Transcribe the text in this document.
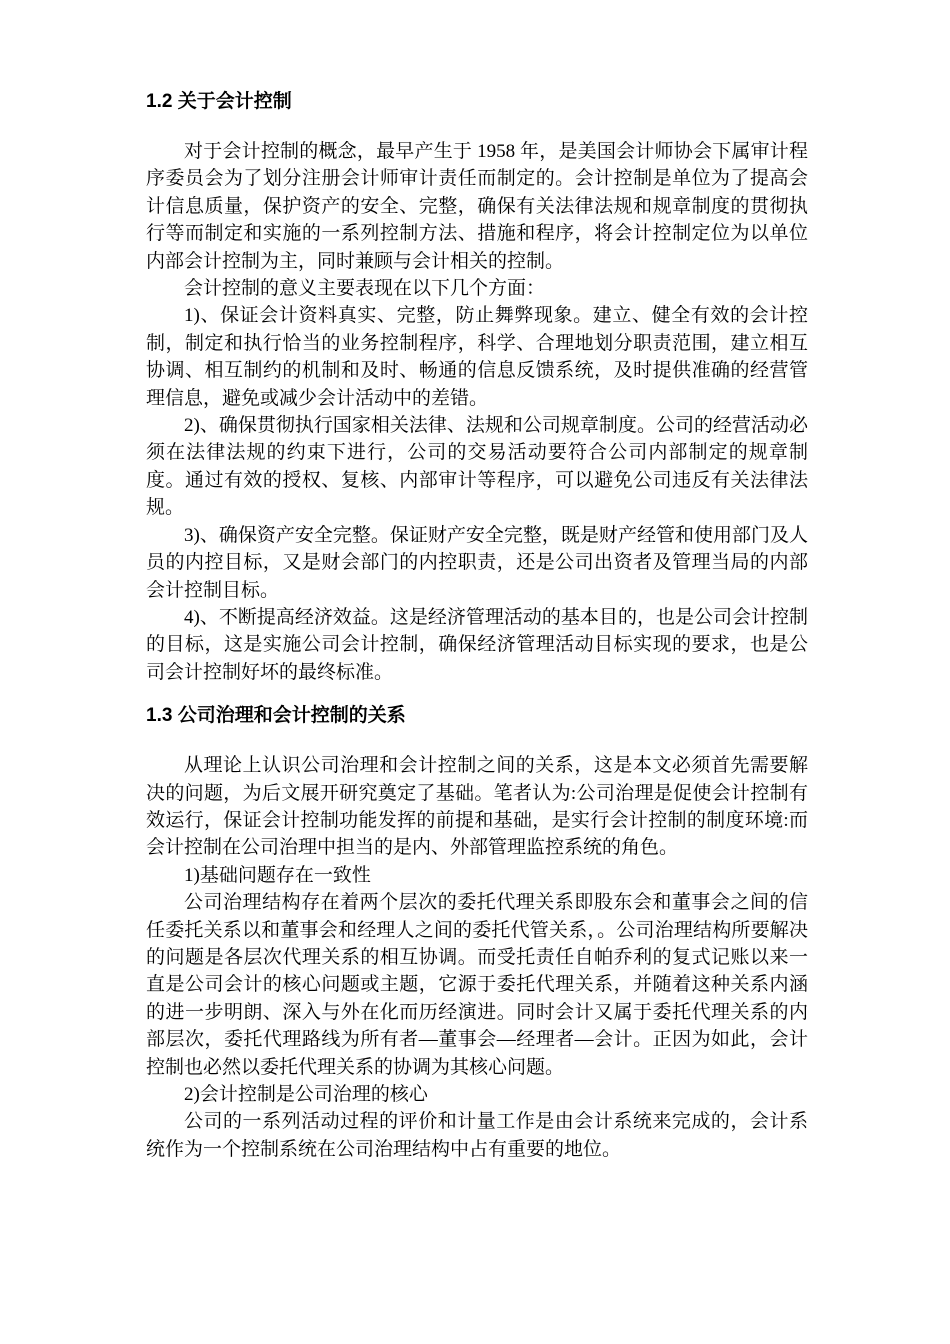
1.2 关于会计控制

对于会计控制的概念，最早产生于 1958 年，是美国会计师协会下属审计程序委员会为了划分注册会计师审计责任而制定的。会计控制是单位为了提高会计信息质量，保护资产的安全、完整，确保有关法律法规和规章制度的贯彻执行等而制定和实施的一系列控制方法、措施和程序，将会计控制定位为以单位内部会计控制为主，同时兼顾与会计相关的控制。

会计控制的意义主要表现在以下几个方面：

1)、保证会计资料真实、完整，防止舞弊现象。建立、健全有效的会计控制，制定和执行恰当的业务控制程序，科学、合理地划分职责范围，建立相互协调、相互制约的机制和及时、畅通的信息反馈系统，及时提供准确的经营管理信息，避免或减少会计活动中的差错。

2)、确保贯彻执行国家相关法律、法规和公司规章制度。公司的经营活动必须在法律法规的约束下进行，公司的交易活动要符合公司内部制定的规章制度。通过有效的授权、复核、内部审计等程序，可以避免公司违反有关法律法规。

3)、确保资产安全完整。保证财产安全完整，既是财产经管和使用部门及人员的内控目标，又是财会部门的内控职责，还是公司出资者及管理当局的内部会计控制目标。

4)、不断提高经济效益。这是经济管理活动的基本目的，也是公司会计控制的目标，这是实施公司会计控制，确保经济管理活动目标实现的要求，也是公司会计控制好坏的最终标准。

1.3 公司治理和会计控制的关系

从理论上认识公司治理和会计控制之间的关系，这是本文必须首先需要解决的问题，为后文展开研究奠定了基础。笔者认为:公司治理是促使会计控制有效运行，保证会计控制功能发挥的前提和基础，是实行会计控制的制度环境:而会计控制在公司治理中担当的是内、外部管理监控系统的角色。

1)基础问题存在一致性

公司治理结构存在着两个层次的委托代理关系即股东会和董事会之间的信任委托关系以和董事会和经理人之间的委托代管关系，。公司治理结构所要解决的问题是各层次代理关系的相互协调。而受托责任自帕乔利的复式记账以来一直是公司会计的核心问题或主题，它源于委托代理关系，并随着这种关系内涵的进一步明朗、深入与外在化而历经演进。同时会计又属于委托代理关系的内部层次，委托代理路线为所有者—董事会—经理者—会计。正因为如此，会计控制也必然以委托代理关系的协调为其核心问题。

2)会计控制是公司治理的核心

公司的一系列活动过程的评价和计量工作是由会计系统来完成的，会计系统作为一个控制系统在公司治理结构中占有重要的地位。
